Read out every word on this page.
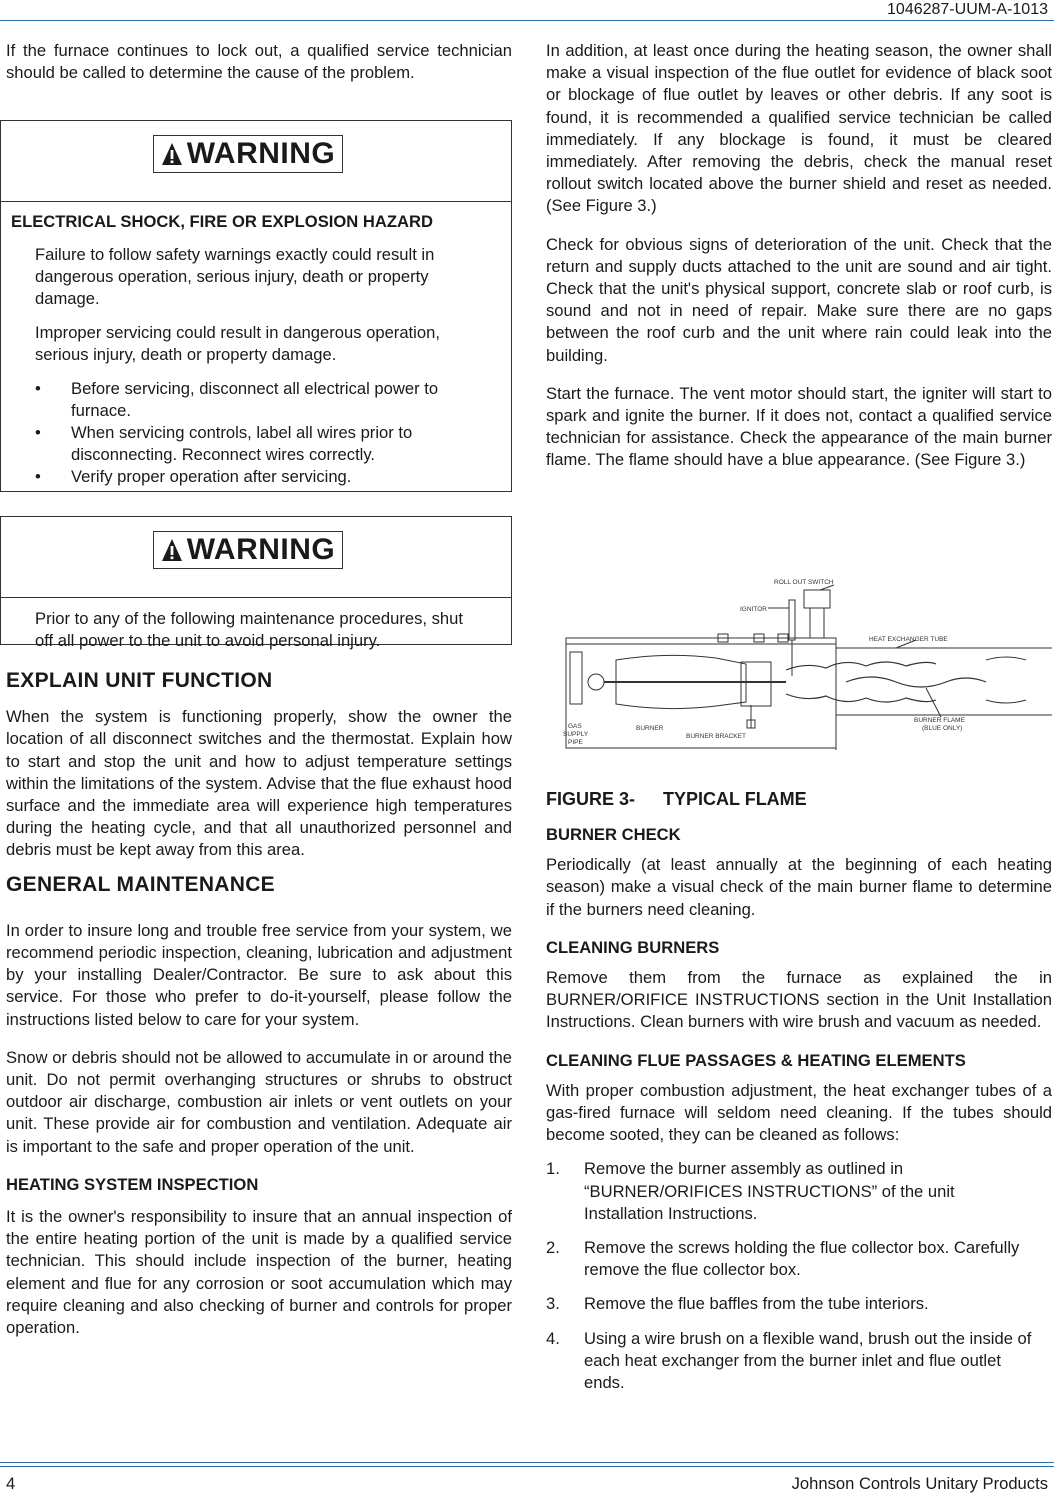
1046287-UUM-A-1013

If the furnace continues to lock out, a qualified service technician should be called to determine the cause of the problem.

WARNING
ELECTRICAL SHOCK, FIRE OR EXPLOSION HAZARD

Failure to follow safety warnings exactly could result in dangerous operation, serious injury, death or property damage.

Improper servicing could result in dangerous operation, serious injury, death or property damage.

•	Before servicing, disconnect all electrical power to furnace.
•	When servicing controls, label all wires prior to disconnecting. Reconnect wires correctly.
•	Verify proper operation after servicing.
WARNING

Prior to any of the following maintenance procedures, shut off all power to the unit to avoid personal injury.

EXPLAIN UNIT FUNCTION

When the system is functioning properly, show the owner the location of all disconnect switches and the thermostat. Explain how to start and stop the unit and how to adjust temperature settings within the limitations of the system. Advise that the flue exhaust hood surface and the immediate area will experience high temperatures during the heating cycle, and that all unauthorized personnel and debris must be kept away from this area.

GENERAL MAINTENANCE

In order to insure long and trouble free service from your system, we recommend periodic inspection, cleaning, lubrication and adjustment by your installing Dealer/Contractor. Be sure to ask about this service. For those who prefer to do-it-yourself, please follow the instructions listed below to care for your system.

Snow or debris should not be allowed to accumulate in or around the unit. Do not permit overhanging structures or shrubs to obstruct outdoor air discharge, combustion air inlets or vent outlets on your unit. These provide air for combustion and ventilation. Adequate air is important to the safe and proper operation of the unit.

HEATING SYSTEM INSPECTION

It is the owner's responsibility to insure that an annual inspection of the entire heating portion of the unit is made by a qualified service technician. This should include inspection of the burner, heating element and flue for any corrosion or soot accumulation which may require cleaning and also checking of burner and controls for proper operation.

In addition, at least once during the heating season, the owner shall make a visual inspection of the flue outlet for evidence of black soot or blockage of flue outlet by leaves or other debris. If any soot is found, it is recommended a qualified service technician be called immediately. If any blockage is found, it must be cleared immediately. After removing the debris, check the manual reset rollout switch located above the burner shield and reset as needed. (See Figure 3.)

Check for obvious signs of deterioration of the unit. Check that the return and supply ducts attached to the unit are sound and air tight. Check that the unit's physical support, concrete slab or roof curb, is sound and not in need of repair. Make sure there are no gaps between the roof curb and the unit where rain could leak into the building.

Start the furnace. The vent motor should start, the igniter will start to spark and ignite the burner. If it does not, contact a qualified service technician for assistance. Check the appearance of the main burner flame. The flame should have a blue appearance. (See Figure 3.)

ROLL OUT SWITCH
IGNITOR
HEAT EXCHANGER TUBE
GAS
SUPPLY
PIPE
BURNER
BURNER BRACKET
BURNER FLAME
(BLUE ONLY)
FIGURE 3- TYPICAL FLAME
BURNER CHECK

Periodically (at least annually at the beginning of each heating season) make a visual check of the main burner flame to determine if the burners need cleaning.

CLEANING BURNERS

Remove them from the furnace as explained the in BURNER/ORIFICE INSTRUCTIONS section in the Unit Installation Instructions. Clean burners with wire brush and vacuum as needed.

CLEANING FLUE PASSAGES & HEATING ELEMENTS

With proper combustion adjustment, the heat exchanger tubes of a gas-fired furnace will seldom need cleaning. If the tubes should become sooted, they can be cleaned as follows:

1.	Remove the burner assembly as outlined in “BURNER/ORIFICES INSTRUCTIONS” of the unit Installation Instructions.
2.	Remove the screws holding the flue collector box. Carefully remove the flue collector box.
3.	Remove the flue baffles from the tube interiors.
4.	Using a wire brush on a flexible wand, brush out the inside of each heat exchanger from the burner inlet and flue outlet ends.
4	Johnson Controls Unitary Products
